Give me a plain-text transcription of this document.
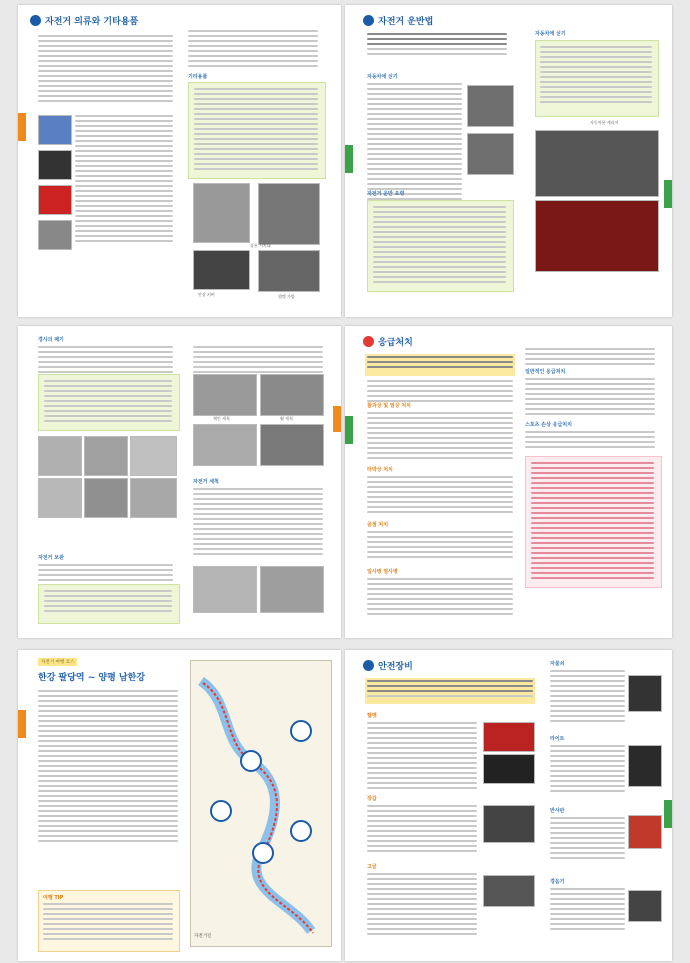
자전거 의류와 기타용품
기타용품
물통 거치대
안장 커버	헬멧 가방
자전거 운반법
자동차에 싣기
자전거 운반 요령
자동차에 싣기
자동차용 캐리어
경사의 페기
자전거 보관
체인 세척	휠 세척
자전거 세척
응급처치
찰과상 및 열상 처치
타박상 처치
골절 처치
일사병 열사병
일반적인 응급처치
스포츠 손상 응급처치
자전거 여행 코스
한강 팔당역 ~ 양평 남한강
여행 TIP
자전거길
안전장비
헬멧
장갑
고글
자물쇠
라이트
반사판
경음기
